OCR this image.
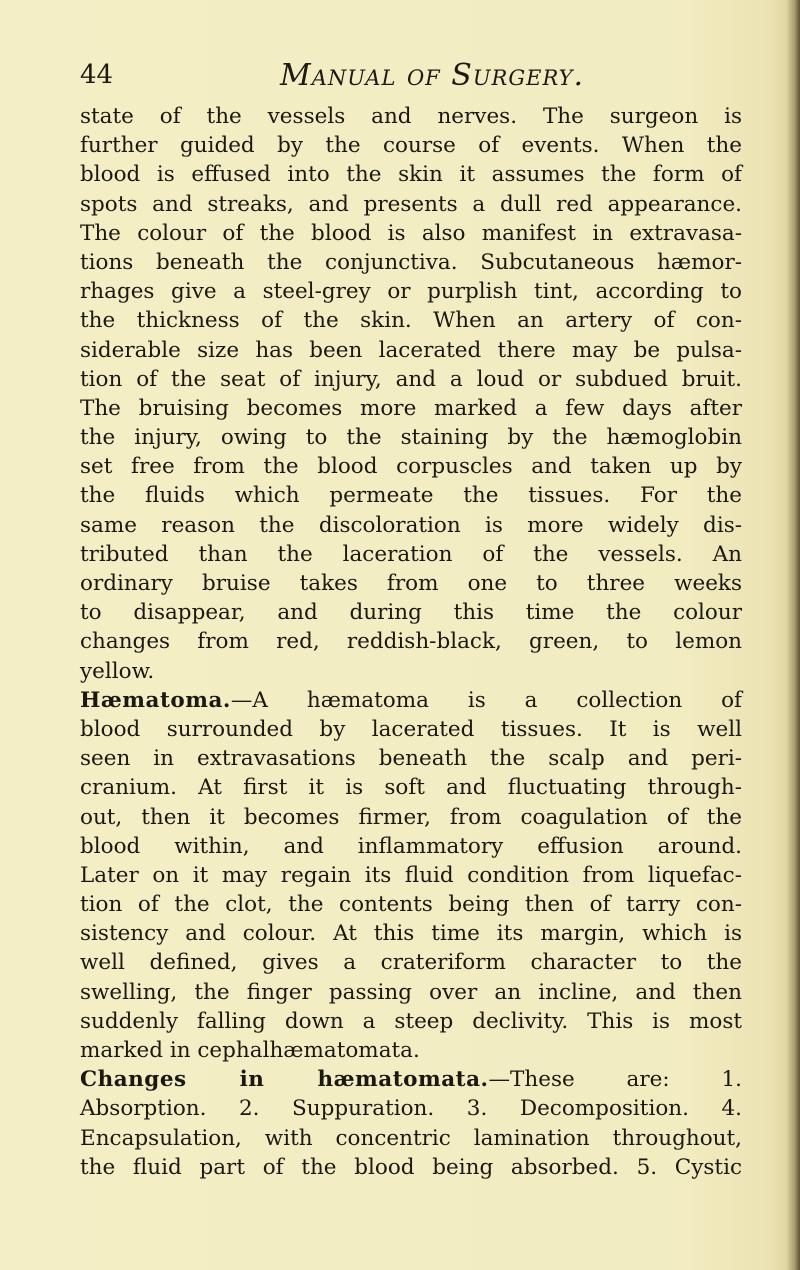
44	Manual of Surgery.
state of the vessels and nerves. The surgeon is
further guided by the course of events. When the
blood is effused into the skin it assumes the form of
spots and streaks, and presents a dull red appearance.
The colour of the blood is also manifest in extravasa-
tions beneath the conjunctiva. Subcutaneous hæmor-
rhages give a steel-grey or purplish tint, according to
the thickness of the skin. When an artery of con-
siderable size has been lacerated there may be pulsa-
tion of the seat of injury, and a loud or subdued bruit.
The bruising becomes more marked a few days after
the injury, owing to the staining by the hæmoglobin
set free from the blood corpuscles and taken up by
the fluids which permeate the tissues. For the
same reason the discoloration is more widely dis-
tributed than the laceration of the vessels. An
ordinary bruise takes from one to three weeks
to disappear, and during this time the colour
changes from red, reddish-black, green, to lemon
yellow.
Hæmatoma.—A hæmatoma is a collection of
blood surrounded by lacerated tissues. It is well
seen in extravasations beneath the scalp and peri-
cranium. At first it is soft and fluctuating through-
out, then it becomes firmer, from coagulation of the
blood within, and inflammatory effusion around.
Later on it may regain its fluid condition from liquefac-
tion of the clot, the contents being then of tarry con-
sistency and colour. At this time its margin, which is
well defined, gives a crateriform character to the
swelling, the finger passing over an incline, and then
suddenly falling down a steep declivity. This is most
marked in cephalhæmatomata.
Changes in hæmatomata.—These are: 1.
Absorption. 2. Suppuration. 3. Decomposition. 4.
Encapsulation, with concentric lamination throughout,
the fluid part of the blood being absorbed. 5. Cystic
